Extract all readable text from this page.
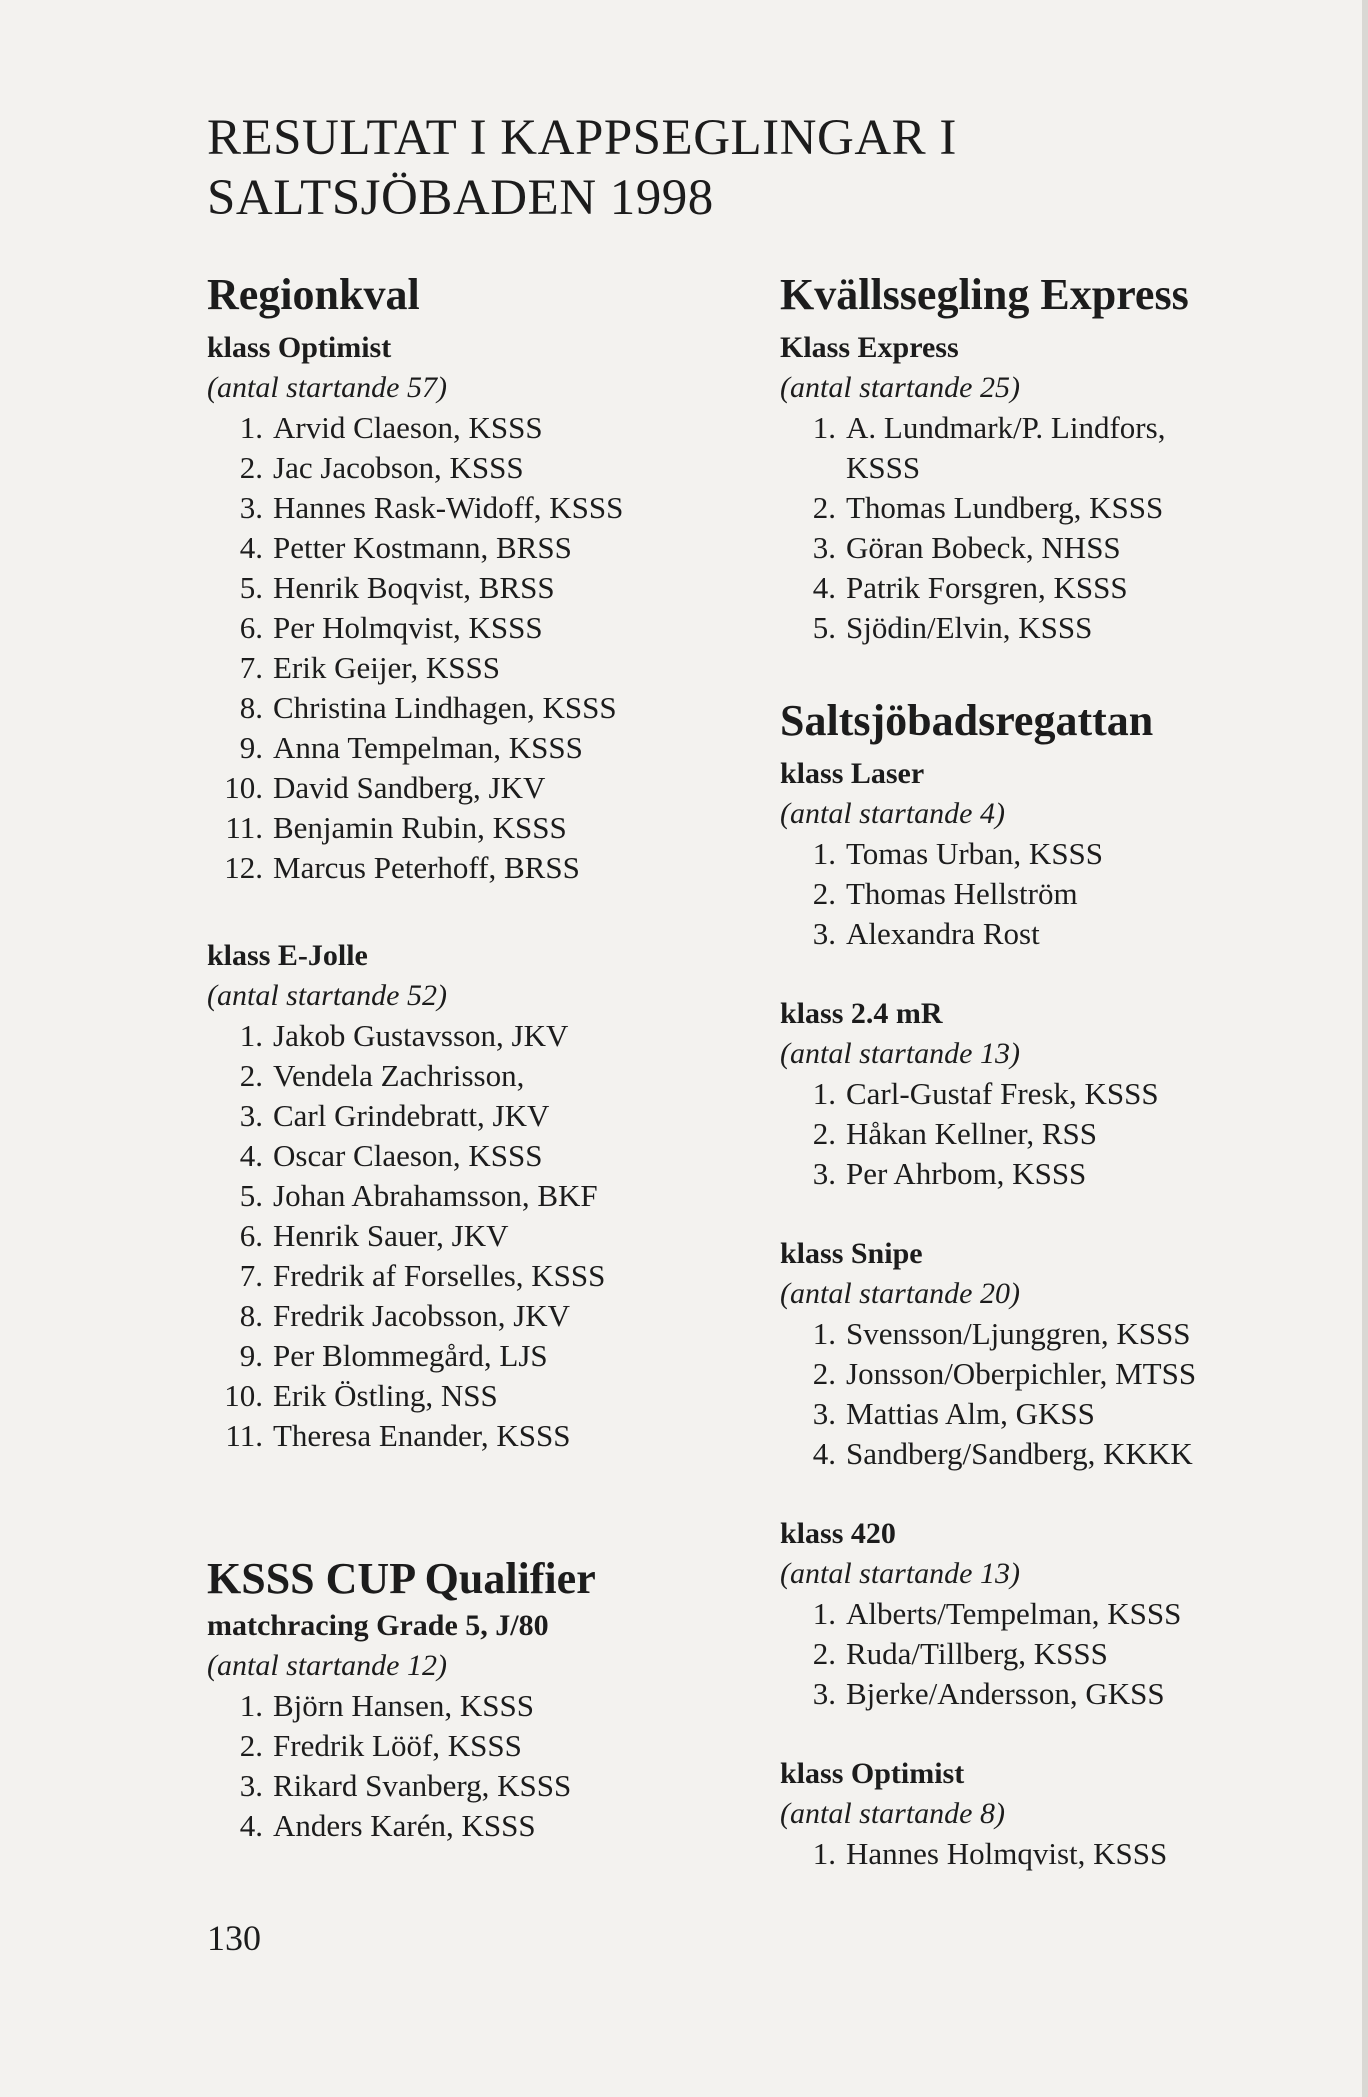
RESULTAT I KAPPSEGLINGAR I
SALTSJÖBADEN 1998
Regionkval
klass Optimist
(antal startande 57)
1. Arvid Claeson, KSSS
2. Jac Jacobson, KSSS
3. Hannes Rask-Widoff, KSSS
4. Petter Kostmann, BRSS
5. Henrik Boqvist, BRSS
6. Per Holmqvist, KSSS
7. Erik Geijer, KSSS
8. Christina Lindhagen, KSSS
9. Anna Tempelman, KSSS
10. David Sandberg, JKV
11. Benjamin Rubin, KSSS
12. Marcus Peterhoff, BRSS
klass E-Jolle
(antal startande 52)
1. Jakob Gustavsson, JKV
2. Vendela Zachrisson,
3. Carl Grindebratt, JKV
4. Oscar Claeson, KSSS
5. Johan Abrahamsson, BKF
6. Henrik Sauer, JKV
7. Fredrik af Forselles, KSSS
8. Fredrik Jacobsson, JKV
9. Per Blommegård, LJS
10. Erik Östling, NSS
11. Theresa Enander, KSSS
KSSS CUP Qualifier
matchracing Grade 5, J/80
(antal startande 12)
1. Björn Hansen, KSSS
2. Fredrik Lööf, KSSS
3. Rikard Svanberg, KSSS
4. Anders Karén, KSSS
Kvällssegling Express
Klass Express
(antal startande 25)
1. A. Lundmark/P. Lindfors,
KSSS
2. Thomas Lundberg, KSSS
3. Göran Bobeck, NHSS
4. Patrik Forsgren, KSSS
5. Sjödin/Elvin, KSSS
Saltsjöbadsregattan
klass Laser
(antal startande 4)
1. Tomas Urban, KSSS
2. Thomas Hellström
3. Alexandra Rost
klass 2.4 mR
(antal startande 13)
1. Carl-Gustaf Fresk, KSSS
2. Håkan Kellner, RSS
3. Per Ahrbom, KSSS
klass Snipe
(antal startande 20)
1. Svensson/Ljunggren, KSSS
2. Jonsson/Oberpichler, MTSS
3. Mattias Alm, GKSS
4. Sandberg/Sandberg, KKKK
klass 420
(antal startande 13)
1. Alberts/Tempelman, KSSS
2. Ruda/Tillberg, KSSS
3. Bjerke/Andersson, GKSS
klass Optimist
(antal startande 8)
1. Hannes Holmqvist, KSSS
130
